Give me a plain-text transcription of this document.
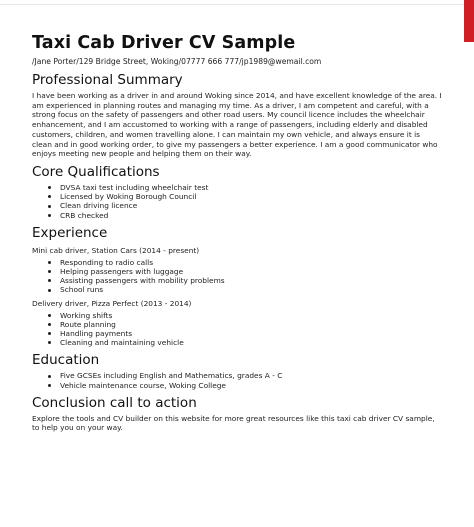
Taxi Cab Driver CV Sample
/Jane Porter/129 Bridge Street, Woking/07777 666 777/jp1989@wemail.com
Professional Summary

I have been working as a driver in and around Woking since 2014, and have excellent knowledge of the area. I am experienced in planning routes and managing my time. As a driver, I am competent and careful, with a strong focus on the safety of passengers and other road users. My council licence includes the wheelchair enhancement, and I am accustomed to working with a range of passengers, including elderly and disabled customers, children, and women travelling alone. I can maintain my own vehicle, and always ensure it is clean and in good working order, to give my passengers a better experience. I am a good communicator who enjoys meeting new people and helping them on their way.

Core Qualifications
DVSA taxi test including wheelchair test
Licensed by Woking Borough Council
Clean driving licence
CRB checked
Experience
Mini cab driver, Station Cars (2014 - present)
Responding to radio calls
Helping passengers with luggage
Assisting passengers with mobility problems
School runs
Delivery driver, Pizza Perfect (2013 - 2014)
Working shifts
Route planning
Handling payments
Cleaning and maintaining vehicle
Education
Five GCSEs including English and Mathematics, grades A - C
Vehicle maintenance course, Woking College
Conclusion call to action

Explore the tools and CV builder on this website for more great resources like this taxi cab driver CV sample, to help you on your way.
